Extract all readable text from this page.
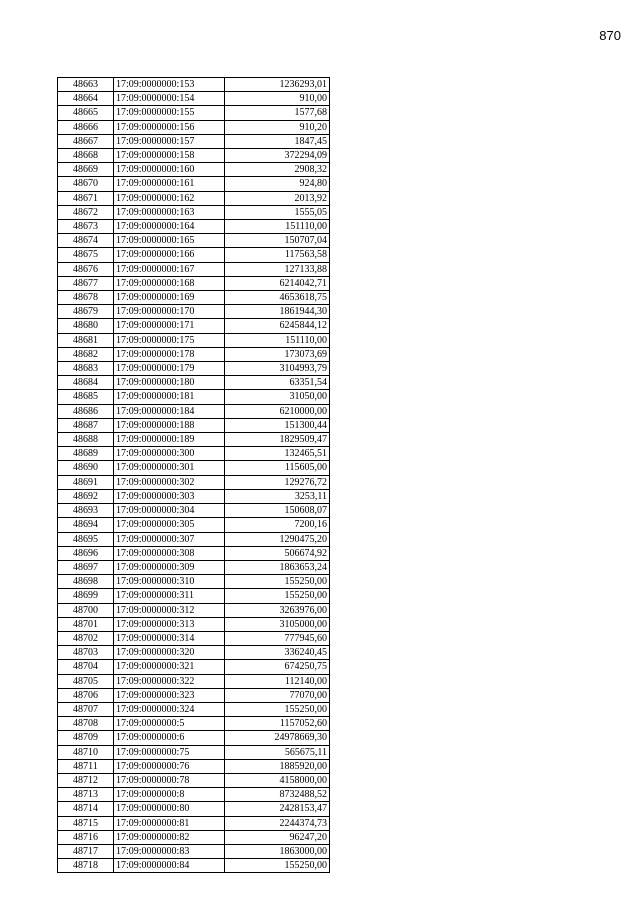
870
48663	17:09:0000000:153	1236293,01
48664	17:09:0000000:154	910,00
48665	17:09:0000000:155	1577,68
48666	17:09:0000000:156	910,20
48667	17:09:0000000:157	1847,45
48668	17:09:0000000:158	372294,09
48669	17:09:0000000:160	2908,32
48670	17:09:0000000:161	924,80
48671	17:09:0000000:162	2013,92
48672	17:09:0000000:163	1555,05
48673	17:09:0000000:164	151110,00
48674	17:09:0000000:165	150707,04
48675	17:09:0000000:166	117563,58
48676	17:09:0000000:167	127133,88
48677	17:09:0000000:168	6214042,71
48678	17:09:0000000:169	4653618,75
48679	17:09:0000000:170	1861944,30
48680	17:09:0000000:171	6245844,12
48681	17:09:0000000:175	151110,00
48682	17:09:0000000:178	173073,69
48683	17:09:0000000:179	3104993,79
48684	17:09:0000000:180	63351,54
48685	17:09:0000000:181	31050,00
48686	17:09:0000000:184	6210000,00
48687	17:09:0000000:188	151300,44
48688	17:09:0000000:189	1829509,47
48689	17:09:0000000:300	132465,51
48690	17:09:0000000:301	115605,00
48691	17:09:0000000:302	129276,72
48692	17:09:0000000:303	3253,11
48693	17:09:0000000:304	150608,07
48694	17:09:0000000:305	7200,16
48695	17:09:0000000:307	1290475,20
48696	17:09:0000000:308	506674,92
48697	17:09:0000000:309	1863653,24
48698	17:09:0000000:310	155250,00
48699	17:09:0000000:311	155250,00
48700	17:09:0000000:312	3263976,00
48701	17:09:0000000:313	3105000,00
48702	17:09:0000000:314	777945,60
48703	17:09:0000000:320	336240,45
48704	17:09:0000000:321	674250,75
48705	17:09:0000000:322	112140,00
48706	17:09:0000000:323	77070,00
48707	17:09:0000000:324	155250,00
48708	17:09:0000000:5	1157052,60
48709	17:09:0000000:6	24978669,30
48710	17:09:0000000:75	565675,11
48711	17:09:0000000:76	1885920,00
48712	17:09:0000000:78	4158000,00
48713	17:09:0000000:8	8732488,52
48714	17:09:0000000:80	2428153,47
48715	17:09:0000000:81	2244374,73
48716	17:09:0000000:82	96247,20
48717	17:09:0000000:83	1863000,00
48718	17:09:0000000:84	155250,00
